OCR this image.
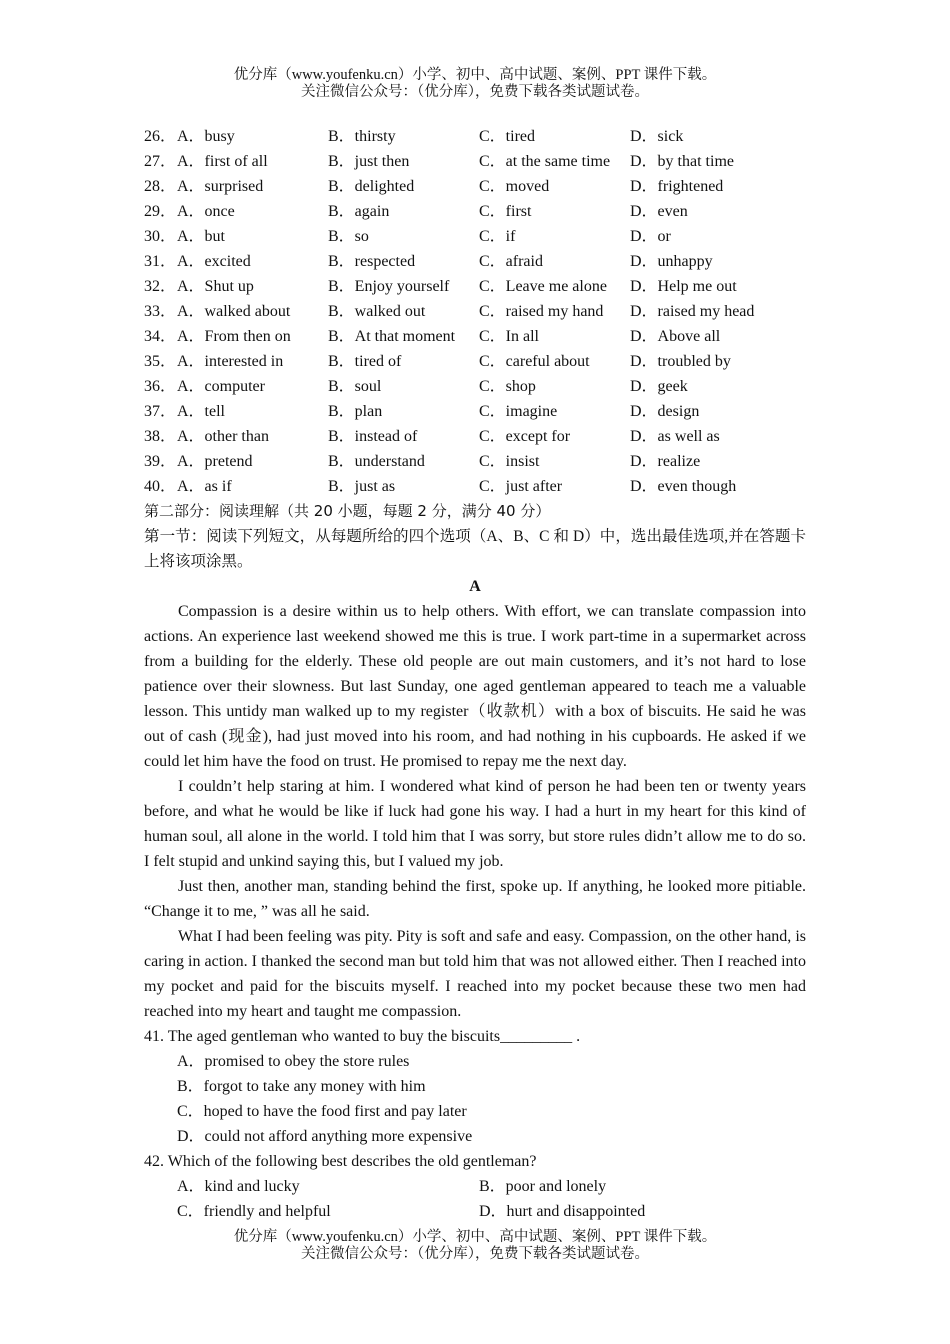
优分库（www.youfenku.cn）小学、初中、高中试题、案例、PPT 课件下载。
关注微信公众号：（优分库），免费下载各类试题试卷。
26． A．busy	B．thirsty	C．tired	D．sick
27． A．first of all	B．just then	C．at the same time D．by that time
28． A．surprised	B．delighted	C．moved	D．frightened
29． A．once	B．again	C．first	D．even
30． A．but	B．so	C．if	D．or
31． A．excited	B．respected	C．afraid	D．unhappy
32． A．Shut up	B．Enjoy yourself C．Leave me alone D．Help me out
33． A．walked about B．walked out	C．raised my hand D．raised my head
34． A．From then on B．At that moment C．In all	D．Above all
35． A．interested in	B．tired of	C．careful about	D．troubled by
36． A．computer	B．soul	C．shop	D．geek
37． A．tell	B．plan	C．imagine	D．design
38． A．other than	B．instead of	C．except for	D．as well as
39． A．pretend	B．understand	C．insist	D．realize
40． A．as if	B．just as	C．just after	D．even though
第二部分：阅读理解（共 20 小题，每题 2 分，满分 40 分）
第一节：阅读下列短文，从每题所给的四个选项（A、B、C 和 D）中，选出最佳选项,并在答题卡上将该项涂黑。
A

Compassion is a desire within us to help others. With effort, we can translate compassion into actions. An experience last weekend showed me this is true. I work part-time in a supermarket across from a building for the elderly. These old people are out main customers, and it’s not hard to lose patience over their slowness. But last Sunday, one aged gentleman appeared to teach me a valuable lesson. This untidy man walked up to my register（收款机）with a box of biscuits. He said he was out of cash (现金), had just moved into his room, and had nothing in his cupboards. He asked if we could let him have the food on trust. He promised to repay me the next day.

I couldn’t help staring at him. I wondered what kind of person he had been ten or twenty years before, and what he would be like if luck had gone his way. I had a hurt in my heart for this kind of human soul, all alone in the world. I told him that I was sorry, but store rules didn’t allow me to do so. I felt stupid and unkind saying this, but I valued my job.

Just then, another man, standing behind the first, spoke up. If anything, he looked more pitiable. “Change it to me, ” was all he said.

What I had been feeling was pity. Pity is soft and safe and easy. Compassion, on the other hand, is caring in action. I thanked the second man but told him that was not allowed either. Then I reached into my pocket and paid for the biscuits myself. I reached into my pocket because these two men had reached into my heart and taught me compassion.

41. The aged gentleman who wanted to buy the biscuits_________ .
A．promised to obey the store rules
B．forgot to take any money with him
C．hoped to have the food first and pay later
D．could not afford anything more expensive
42. Which of the following best describes the old gentleman?
A．kind and lucky	B．poor and lonely
C．friendly and helpful	D．hurt and disappointed
优分库（www.youfenku.cn）小学、初中、高中试题、案例、PPT 课件下载。
关注微信公众号：（优分库），免费下载各类试题试卷。
